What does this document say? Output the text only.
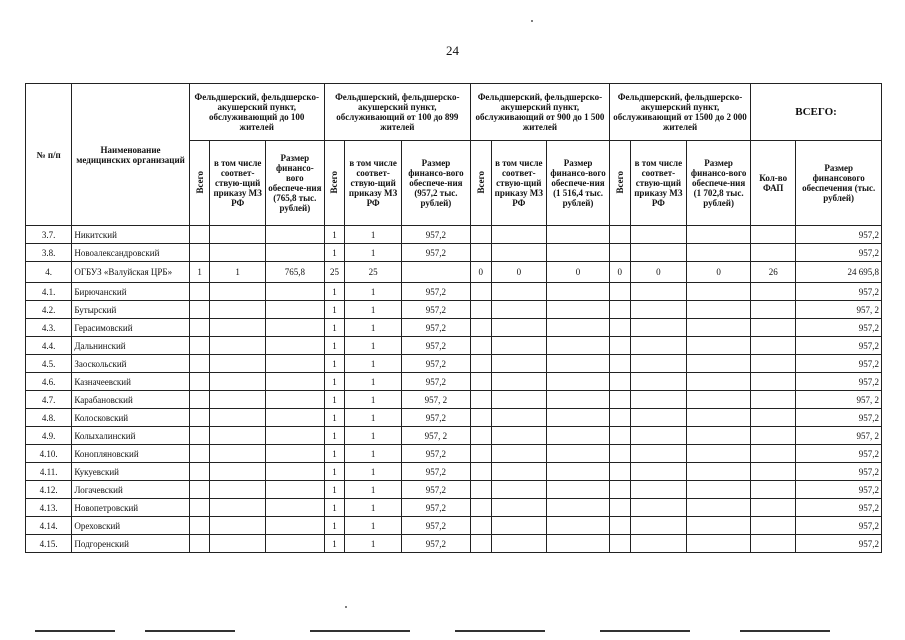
24
№ п/п	Наименование медицинских организаций	Фельдшерский, фельдшерско-акушерский пункт, обслуживающий до 100 жителей			Фельдшерский, фельдшерско-акушерский пункт, обслуживающий от 100 до 899 жителей			Фельдшерский, фельдшерско-акушерский пункт, обслуживающий от 900 до 1 500 жителей			Фельдшерский, фельдшерско-акушерский пункт, обслуживающий от 1500 до 2 000 жителей			ВСЕГО:	
		Всего	в том числе соответ-ствую-щий приказу МЗ РФ	Размер финансо-вого обеспече-ния (765,8 тыс. рублей)	Всего	в том числе соответ-ствую-щий приказу МЗ РФ	Размер финансо-вого обеспече-ния (957,2 тыс. рублей)	Всего	в том числе соответ-ствую-щий приказу МЗ РФ	Размер финансо-вого обеспече-ния (1 516,4 тыс. рублей)	Всего	в том числе соответ-ствую-щий приказу МЗ РФ	Размер финансо-вого обеспече-ния (1 702,8 тыс. рублей)	Кол-во ФАП	Размер финансового обеспечения (тыс. рублей)
3.7.	Никитский				1	1	957,2								957,2
3.8.	Новоалександровский				1	1	957,2								957,2
4.	ОГБУЗ «Валуйская ЦРБ»	1	1	765,8	25	25		0	0	0	0	0	0	26	24 695,8
4.1.	Бирючанский				1	1	957,2								957,2
4.2.	Бутырский				1	1	957,2								957, 2
4.3.	Герасимовский				1	1	957,2								957,2
4.4.	Дальнинский				1	1	957,2								957,2
4.5.	Заоскольский				1	1	957,2								957,2
4.6.	Казначеевский				1	1	957,2								957,2
4.7.	Карабановский				1	1	957, 2								957, 2
4.8.	Колосковский				1	1	957,2								957,2
4.9.	Колыхалинский				1	1	957, 2								957, 2
4.10.	Конопляновский				1	1	957,2								957,2
4.11.	Кукуевский				1	1	957,2								957,2
4.12.	Логачевский				1	1	957,2								957,2
4.13.	Новопетровский				1	1	957,2								957,2
4.14.	Ореховский				1	1	957,2								957,2
4.15.	Подгоренский				1	1	957,2								957,2
